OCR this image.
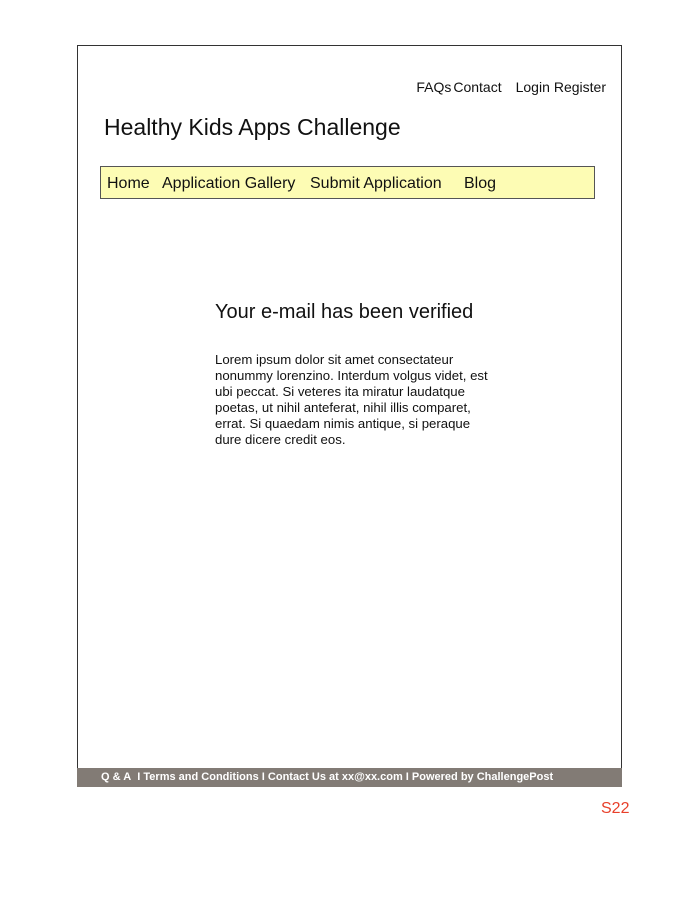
FAQs Contact Login Register
Healthy Kids Apps Challenge
Home Application Gallery Submit Application Blog
Your e-mail has been verified

Lorem ipsum dolor sit amet consectateur nonummy lorenzino. Interdum volgus videt, est ubi peccat. Si veteres ita miratur laudatque poetas, ut nihil anteferat, nihil illis comparet, errat. Si quaedam nimis antique, si peraque dure dicere credit eos.

Q & A I Terms and Conditions I Contact Us at xx@xx.com I Powered by ChallengePost
S22
